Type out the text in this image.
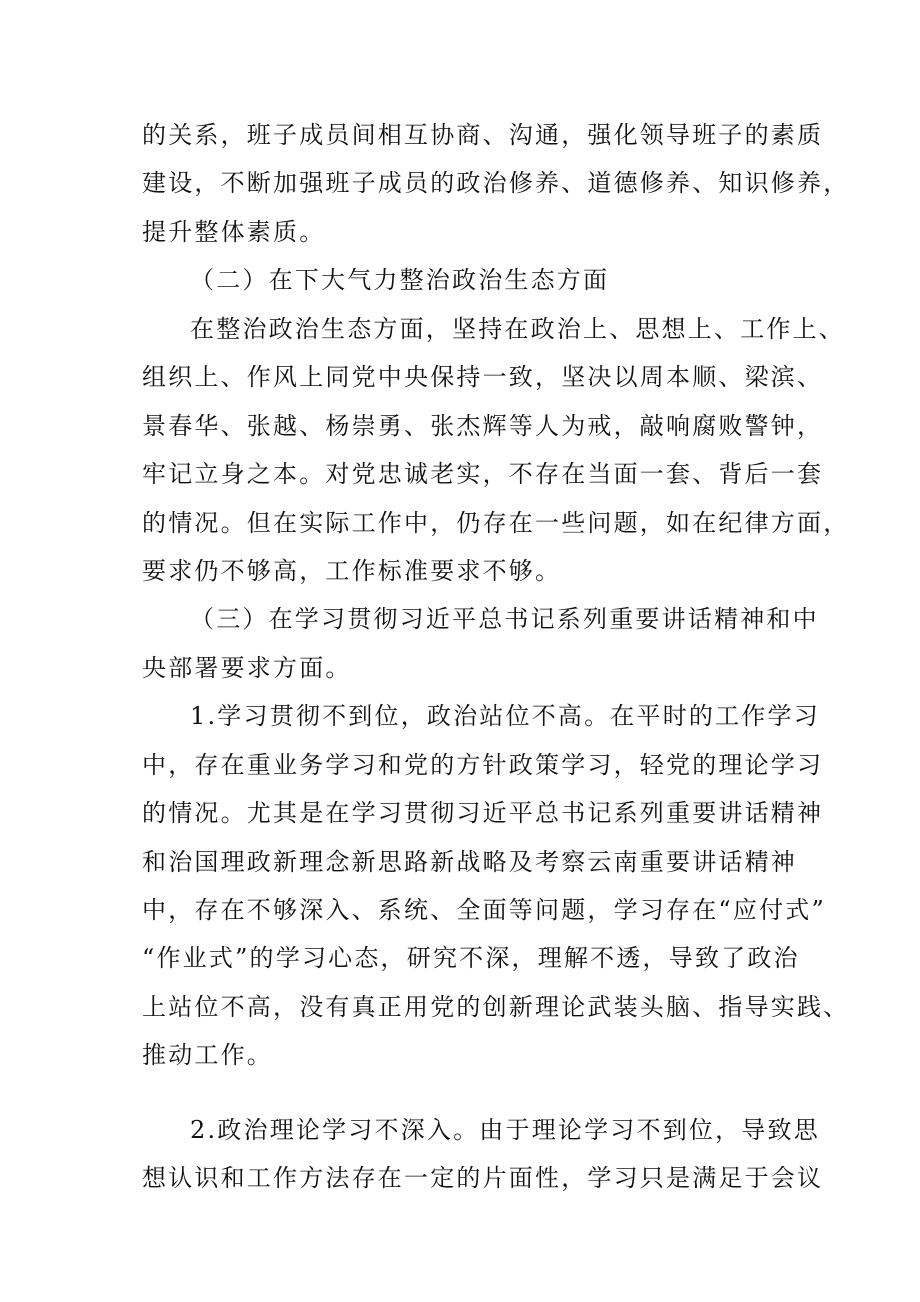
的关系，班子成员间相互协商、沟通，强化领导班子的素质
建设，不断加强班子成员的政治修养、道德修养、知识修养，
提升整体素质。
（二）在下大气力整治政治生态方面
在整治政治生态方面，坚持在政治上、思想上、工作上、
组织上、作风上同党中央保持一致，坚决以周本顺、梁滨、
景春华、张越、杨崇勇、张杰辉等人为戒，敲响腐败警钟，
牢记立身之本。对党忠诚老实，不存在当面一套、背后一套
的情况。但在实际工作中，仍存在一些问题，如在纪律方面，
要求仍不够高，工作标准要求不够。
（三）在学习贯彻习近平总书记系列重要讲话精神和中
央部署要求方面。
1.学习贯彻不到位，政治站位不高。在平时的工作学习
中，存在重业务学习和党的方针政策学习，轻党的理论学习
的情况。尤其是在学习贯彻习近平总书记系列重要讲话精神
和治国理政新理念新思路新战略及考察云南重要讲话精神
中，存在不够深入、系统、全面等问题，学习存在“应付式”
“作业式”的学习心态，研究不深，理解不透，导致了政治
上站位不高，没有真正用党的创新理论武装头脑、指导实践、
推动工作。
2.政治理论学习不深入。由于理论学习不到位，导致思
想认识和工作方法存在一定的片面性，学习只是满足于会议
